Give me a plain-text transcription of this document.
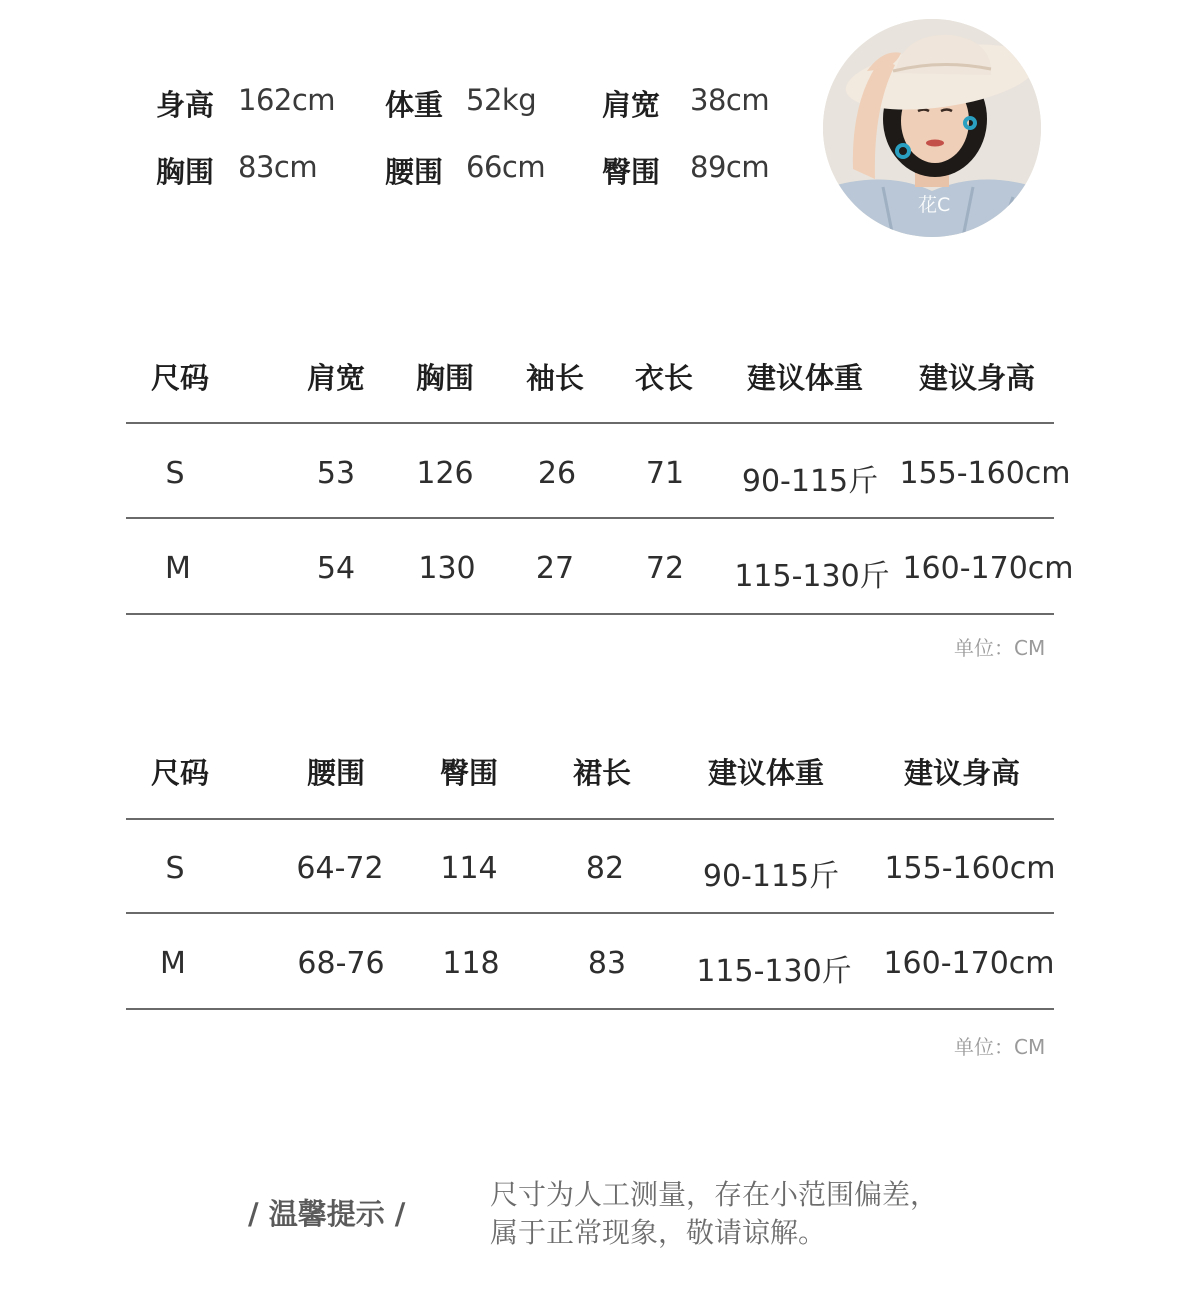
身高 162cm 体重 52kg 肩宽 38cm
胸围 83cm 腰围 66cm 臀围 89cm
花C
尺码	肩宽 胸围 袖长 衣长 建议体重 建议身高
S	53 126 26 71 90-115斤 155-160cm
M	54 130 27 72 115-130斤 160-170cm
单位：CM
尺码	腰围	臀围	裙长	建议体重	建议身高
S	64-72 114	82	90-115斤 155-160cm
M	68-76 118	83 115-130斤 160-170cm
单位：CM
/ 温馨提示 /
尺寸为人工测量，存在小范围偏差，
属于正常现象，敬请谅解。
